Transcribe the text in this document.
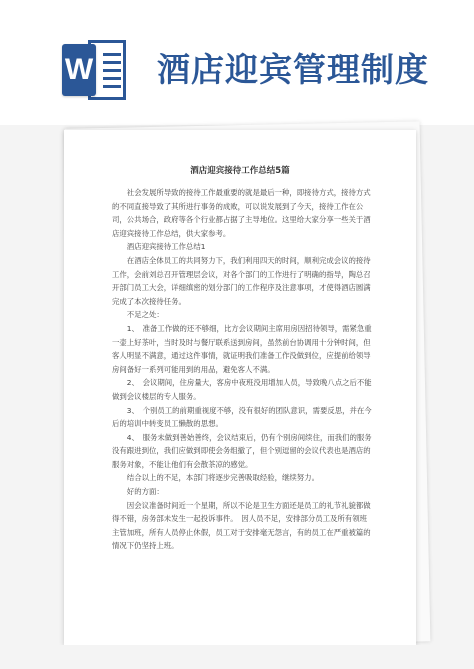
W 酒店迎宾管理制度
酒店迎宾接待工作总结5篇

社会发展所导致的接待工作最重要的就是最后一种，即接待方式，接待方式的不同直接导致了其所进行事务的成败，可以说发展到了今天，接待工作在公司，公共场合，政府等各个行业都占据了主导地位。这里给大家分享一些关于酒店迎宾接待工作总结，供大家参考。

酒店迎宾接待工作总结1

在酒店全体员工的共同努力下，我们利用四天的时间，顺利完成会议的接待工作，会前刘总召开管理层会议，对各个部门的工作进行了明确的指导，陶总召开部门员工大会，详细缜密的划分部门的工作程序及注意事项，才使得酒店圆满完成了本次接待任务。

不足之处：

1、　准备工作做的还不够细，比方会议期间主席用房因招待领导，需紧急重一壶上好茶叶，当时及时与餐厅联系送到房间，虽然前台协调用十分钟时间，但客人明显不满意，通过这件事情，就证明我们准备工作没做到位，应提前给领导房间备好一系列可能用到的用品，避免客人不满。

2、　会议期间，住房量大，客房中夜班没用增加人员，导致晚八点之后不能做到会议楼层的专人服务。

3、　个别员工的前期重视度不够，没有很好的团队意识，需要反思，并在今后的培训中转变员工懒散的思想。

4、　服务未做到善始善终，会议结束后，仍有个别房间续住，而我们的服务没有跟进到位，我们应做到即使会务组撤了，但个别逗留的会议代表也是酒店的服务对象，不能让他们有会散茶凉的感觉。

结合以上的不足，本部门将逐步完善吸取经验，继续努力。

好的方面：

因会议准备时间近一个星期，所以不论是卫生方面还是员工的礼节礼貌都做得不错，房务部未发生一起投诉事件。　因人员不足，安排部分员工及所有领班主管加班，所有人员停止休假，员工对于安排毫无怨言，有的员工在严重被篇的情况下仍坚持上班。
